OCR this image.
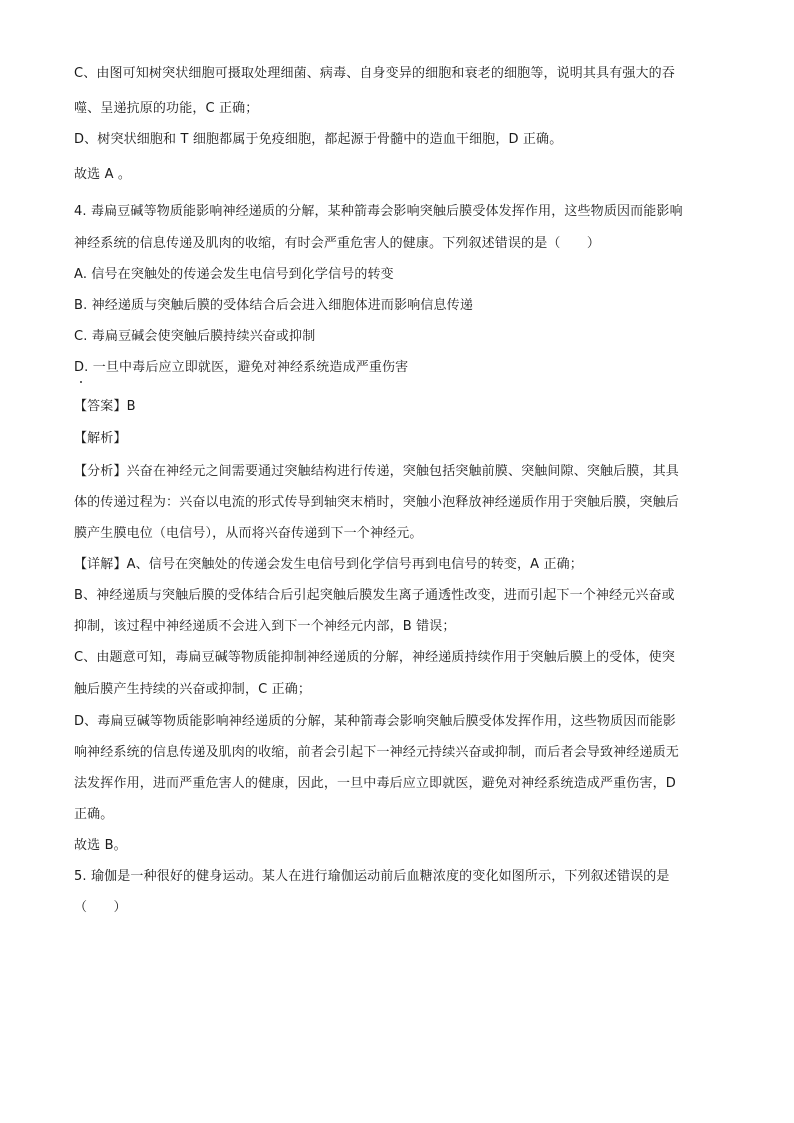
C、由图可知树突状细胞可摄取处理细菌、病毒、自身变异的细胞和衰老的细胞等，说明其具有强大的吞
噬、呈递抗原的功能，C 正确；
D、树突状细胞和 T 细胞都属于免疫细胞，都起源于骨髓中的造血干细胞，D 正确。
故选 A 。
4. 毒扁豆碱等物质能影响神经递质的分解，某种箭毒会影响突触后膜受体发挥作用，这些物质因而能影响
神经系统的信息传递及肌肉的收缩，有时会严重危害人的健康。下列叙述错误的是（　　）
A. 信号在突触处的传递会发生电信号到化学信号的转变
B. 神经递质与突触后膜的受体结合后会进入细胞体进而影响信息传递
C. 毒扁豆碱会使突触后膜持续兴奋或抑制
D. 一旦中毒后应立即就医，避免对神经系统造成严重伤害
【答案】B
【解析】
【分析】兴奋在神经元之间需要通过突触结构进行传递，突触包括突触前膜、突触间隙、突触后膜，其具
体的传递过程为：兴奋以电流的形式传导到轴突末梢时，突触小泡释放神经递质作用于突触后膜，突触后
膜产生膜电位（电信号），从而将兴奋传递到下一个神经元。
【详解】A、信号在突触处的传递会发生电信号到化学信号再到电信号的转变，A 正确；
B、神经递质与突触后膜的受体结合后引起突触后膜发生离子通透性改变，进而引起下一个神经元兴奋或
抑制，该过程中神经递质不会进入到下一个神经元内部，B 错误；
C、由题意可知，毒扁豆碱等物质能抑制神经递质的分解，神经递质持续作用于突触后膜上的受体，使突
触后膜产生持续的兴奋或抑制，C 正确；
D、毒扁豆碱等物质能影响神经递质的分解，某种箭毒会影响突触后膜受体发挥作用，这些物质因而能影
响神经系统的信息传递及肌肉的收缩，前者会引起下一神经元持续兴奋或抑制，而后者会导致神经递质无
法发挥作用，进而严重危害人的健康，因此，一旦中毒后应立即就医，避免对神经系统造成严重伤害，D
正确。
故选 B。
5. 瑜伽是一种很好的健身运动。某人在进行瑜伽运动前后血糖浓度的变化如图所示，下列叙述错误的是
（　　）
